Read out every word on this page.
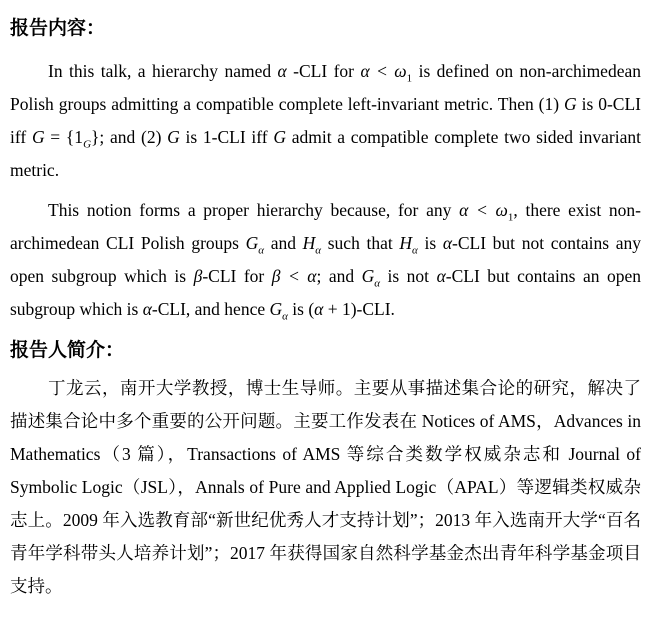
报告内容：

In this talk, a hierarchy named α -CLI for $\alpha < \omega_1$ is defined on non-archimedean Polish groups admitting a compatible complete left-invariant metric. Then (1) G is 0-CLI iff $G = \{1_G\}$; and (2) G is 1-CLI iff G admit a compatible complete two sided invariant metric.

This notion forms a proper hierarchy because, for any $\alpha < \omega_1$, there exist non-archimedean CLI Polish groups $G_\alpha$ and $H_\alpha$ such that $H_\alpha$ is α-CLI but not contains any open subgroup which is β-CLI for β < α; and $G_\alpha$ is not α-CLI but contains an open subgroup which is α-CLI, and hence $G_\alpha$ is (α + 1)-CLI.

报告人简介：

丁龙云，南开大学教授，博士生导师。主要从事描述集合论的研究，解决了描述集合论中多个重要的公开问题。主要工作发表在 Notices of AMS，Advances in Mathematics（3 篇），Transactions of AMS 等综合类数学权威杂志和 Journal of Symbolic Logic（JSL），Annals of Pure and Applied Logic（APAL）等逻辑类权威杂志上。2009 年入选教育部“新世纪优秀人才支持计划”；2013 年入选南开大学“百名青年学科带头人培养计划”；2017 年获得国家自然科学基金杰出青年科学基金项目支持。
